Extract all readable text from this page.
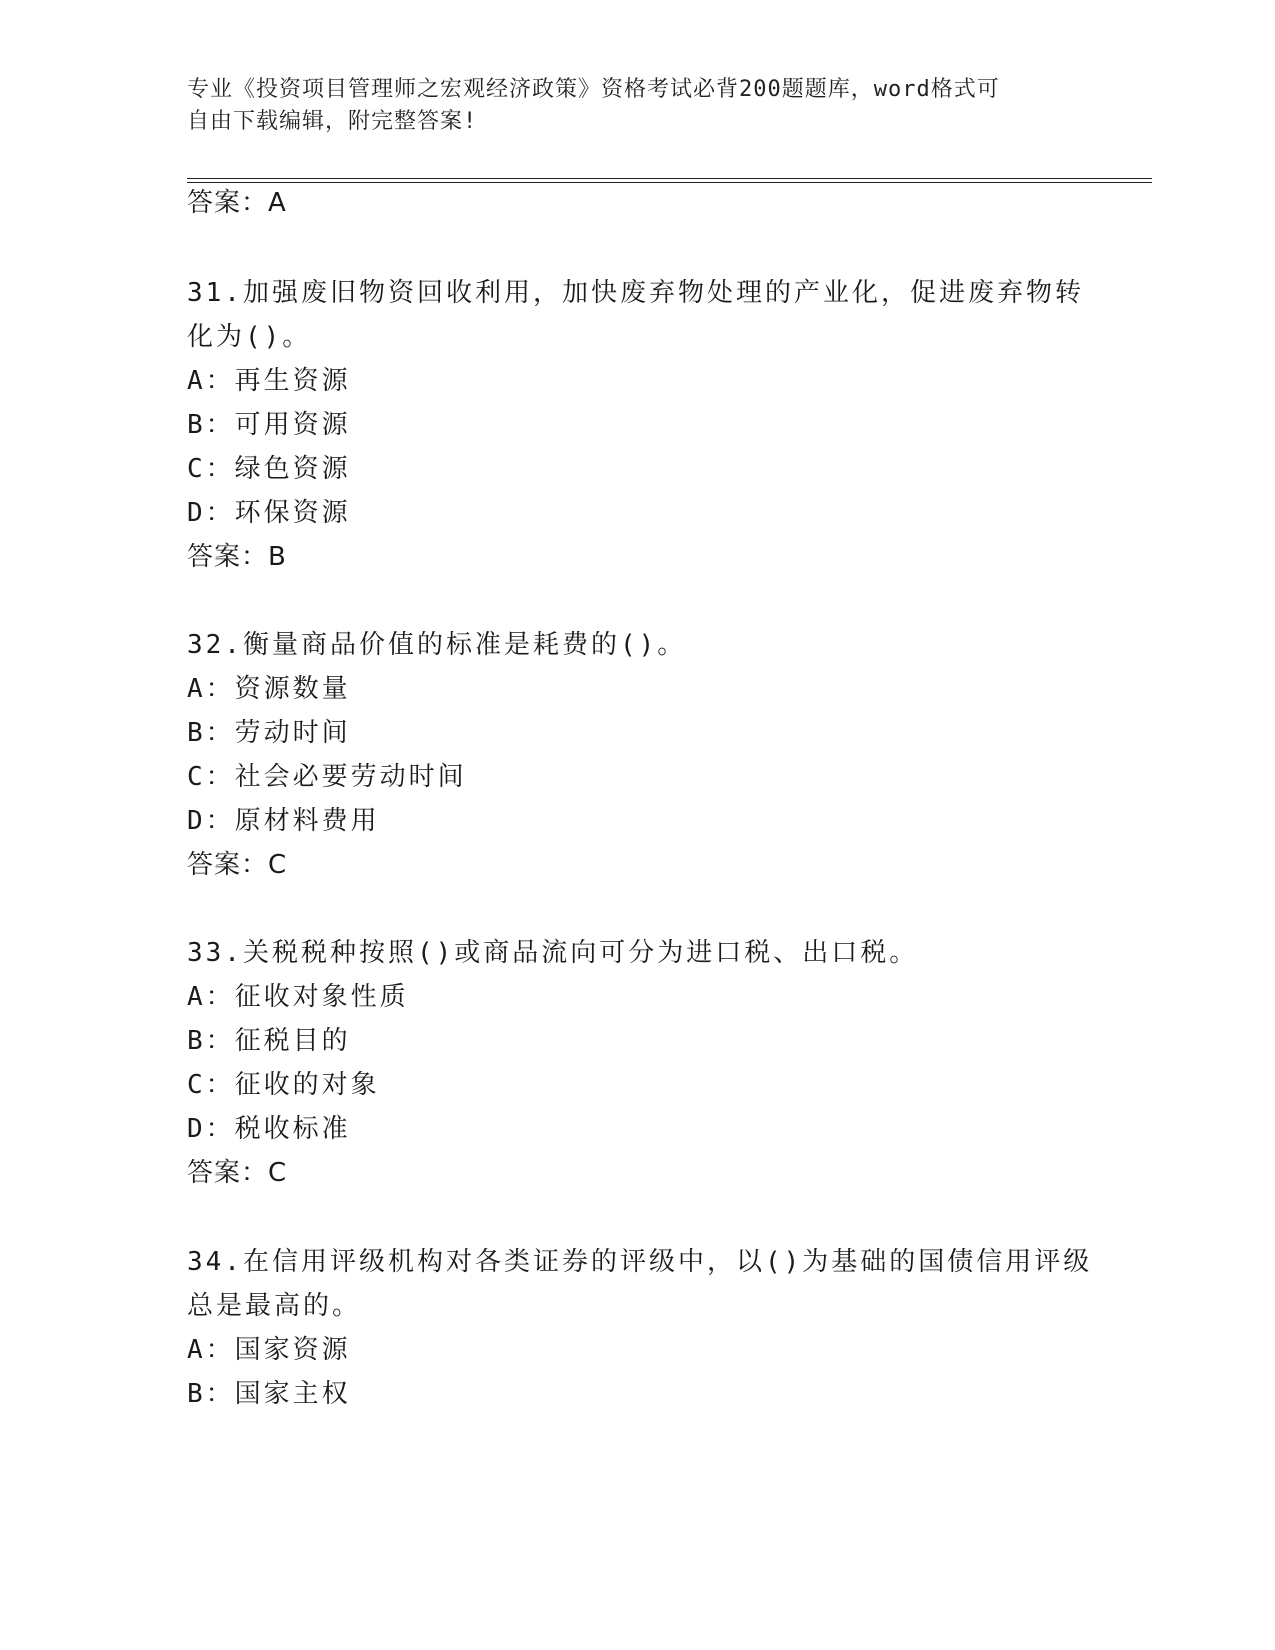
专业《投资项目管理师之宏观经济政策》资格考试必背200题题库，word格式可
自由下载编辑，附完整答案!
答案：A
31.加强废旧物资回收利用，加快废弃物处理的产业化，促进废弃物转
化为()。
A：再生资源
B：可用资源
C：绿色资源
D：环保资源
答案：B
32.衡量商品价值的标准是耗费的()。
A：资源数量
B：劳动时间
C：社会必要劳动时间
D：原材料费用
答案：C
33.关税税种按照()或商品流向可分为进口税、出口税。
A：征收对象性质
B：征税目的
C：征收的对象
D：税收标准
答案：C
34.在信用评级机构对各类证券的评级中，以()为基础的国债信用评级
总是最高的。
A：国家资源
B：国家主权
